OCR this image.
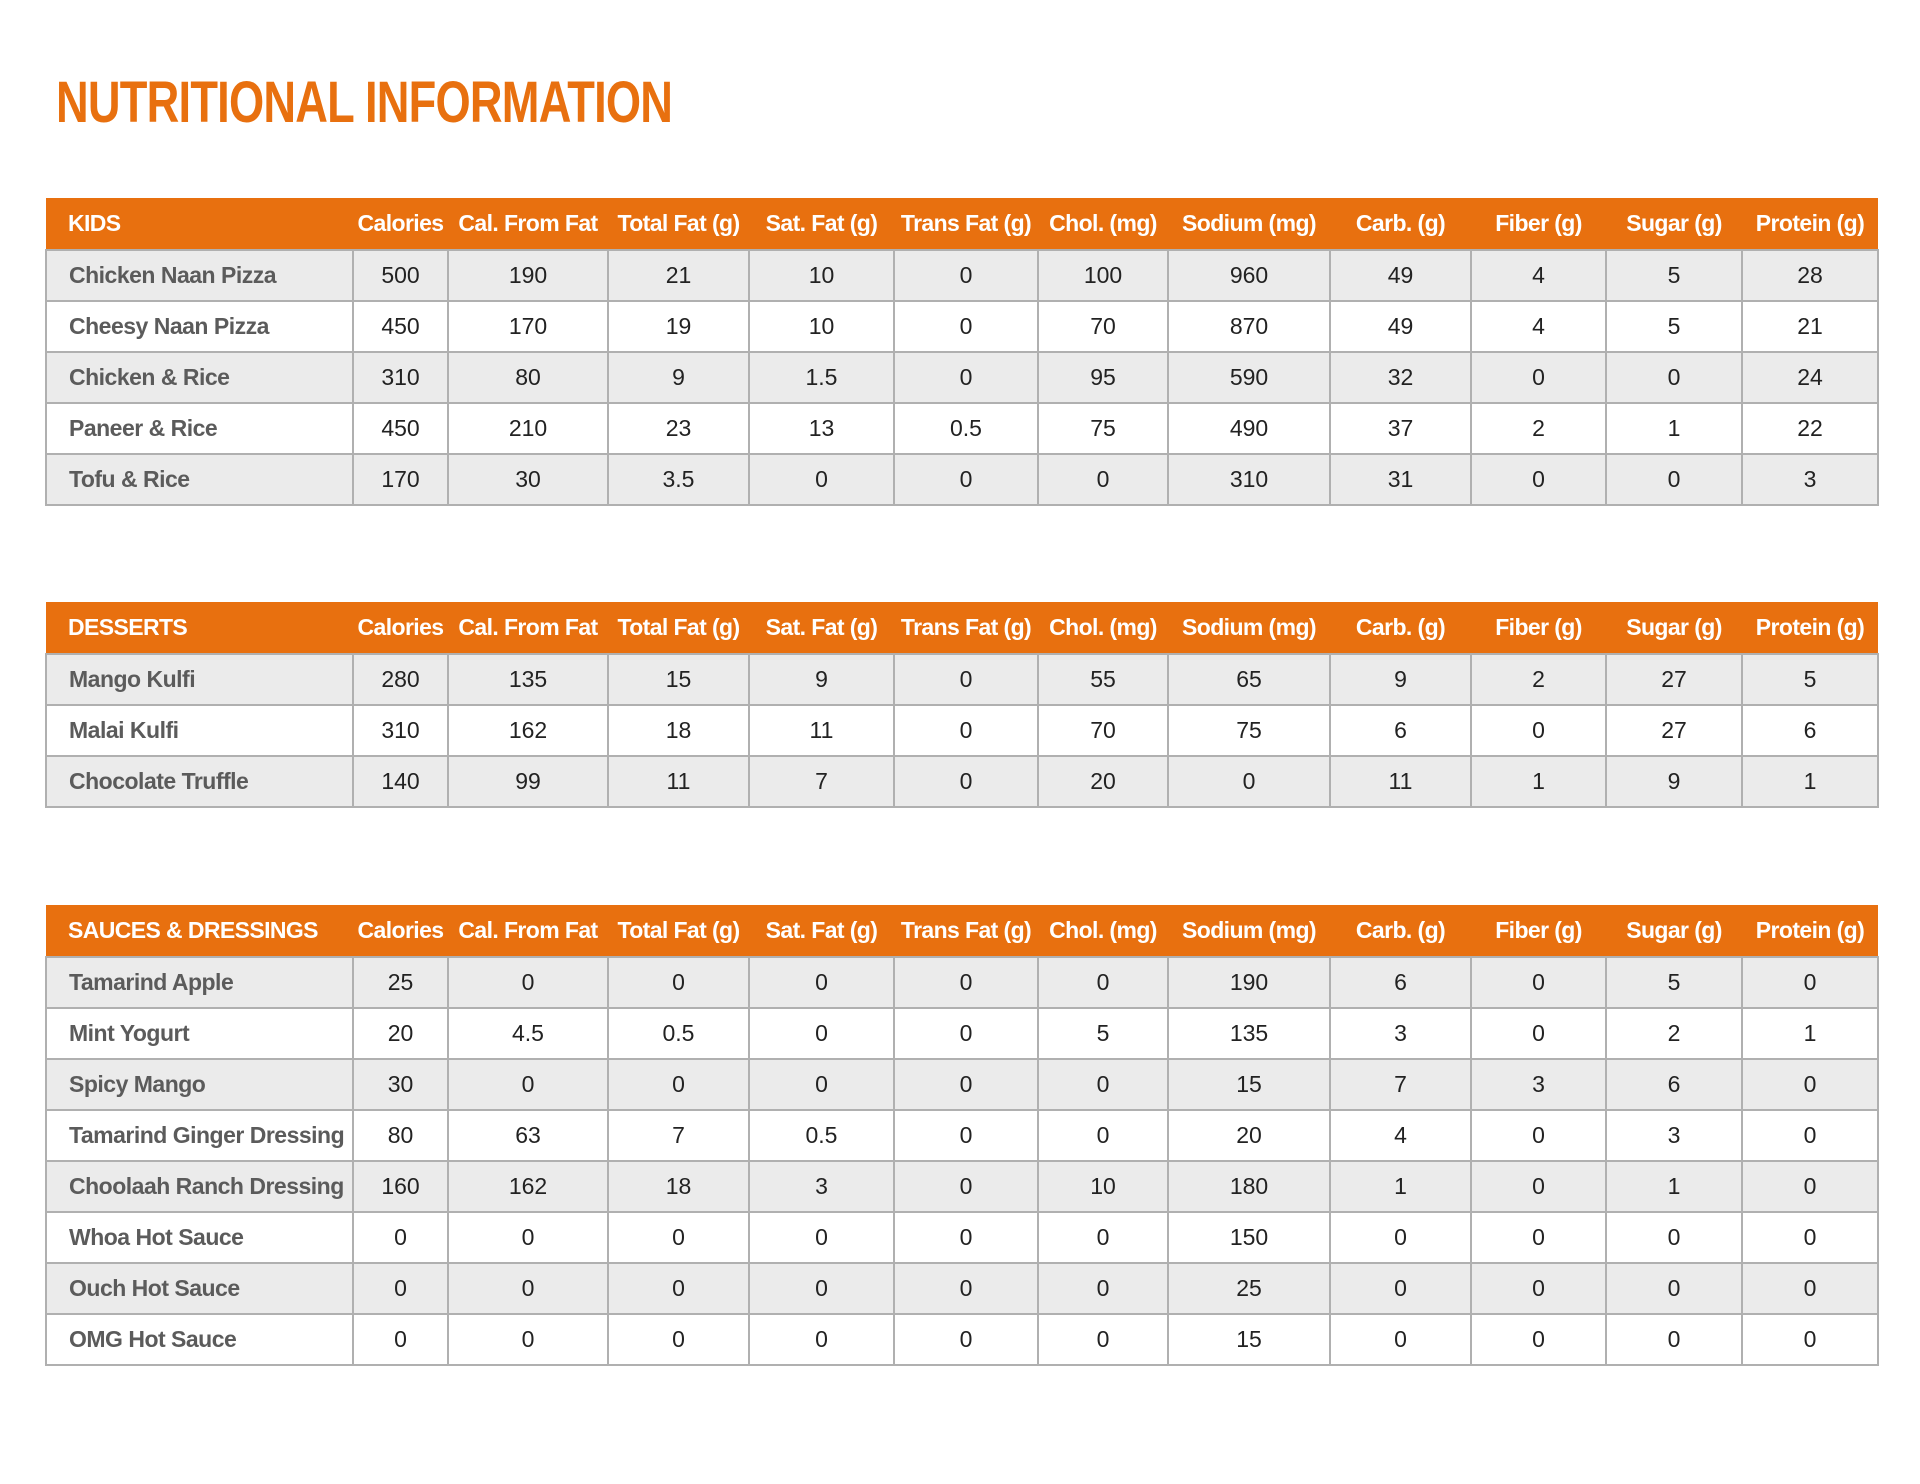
NUTRITIONAL INFORMATION
KIDS	Calories	Cal. From Fat	Total Fat (g)	Sat. Fat (g)	Trans Fat (g)	Chol. (mg)	Sodium (mg)	Carb. (g)	Fiber (g)	Sugar (g)	Protein (g)
Chicken Naan Pizza	500	190	21	10	0	100	960	49	4	5	28
Cheesy Naan Pizza	450	170	19	10	0	70	870	49	4	5	21
Chicken & Rice	310	80	9	1.5	0	95	590	32	0	0	24
Paneer & Rice	450	210	23	13	0.5	75	490	37	2	1	22
Tofu & Rice	170	30	3.5	0	0	0	310	31	0	0	3
DESSERTS	Calories	Cal. From Fat	Total Fat (g)	Sat. Fat (g)	Trans Fat (g)	Chol. (mg)	Sodium (mg)	Carb. (g)	Fiber (g)	Sugar (g)	Protein (g)
Mango Kulfi	280	135	15	9	0	55	65	9	2	27	5
Malai Kulfi	310	162	18	11	0	70	75	6	0	27	6
Chocolate Truffle	140	99	11	7	0	20	0	11	1	9	1
SAUCES & DRESSINGS	Calories	Cal. From Fat	Total Fat (g)	Sat. Fat (g)	Trans Fat (g)	Chol. (mg)	Sodium (mg)	Carb. (g)	Fiber (g)	Sugar (g)	Protein (g)
Tamarind Apple	25	0	0	0	0	0	190	6	0	5	0
Mint Yogurt	20	4.5	0.5	0	0	5	135	3	0	2	1
Spicy Mango	30	0	0	0	0	0	15	7	3	6	0
Tamarind Ginger Dressing	80	63	7	0.5	0	0	20	4	0	3	0
Choolaah Ranch Dressing	160	162	18	3	0	10	180	1	0	1	0
Whoa Hot Sauce	0	0	0	0	0	0	150	0	0	0	0
Ouch Hot Sauce	0	0	0	0	0	0	25	0	0	0	0
OMG Hot Sauce	0	0	0	0	0	0	15	0	0	0	0
